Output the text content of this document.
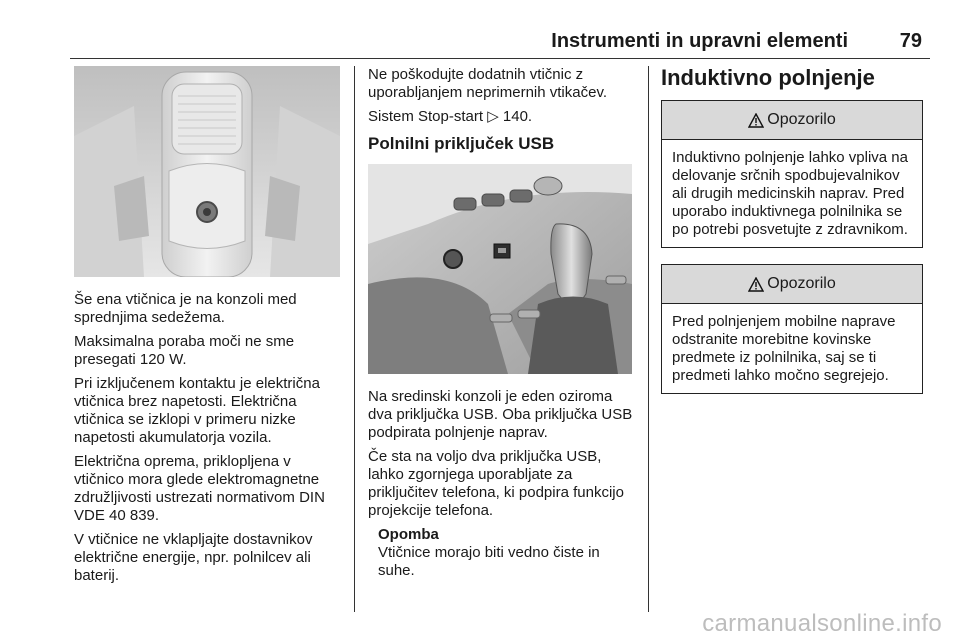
Instrumenti in upravni elementi	79

Še ena vtičnica je na konzoli med sprednjima sedežema.

Maksimalna poraba moči ne sme presegati 120 W.

Pri izključenem kontaktu je električna vtičnica brez napetosti. Električna vtičnica se izklopi v primeru nizke napetosti akumulatorja vozila.

Električna oprema, priklopljena v vtičnico mora glede elektromagnetne združljivosti ustrezati normativom DIN VDE 40 839.

V vtičnice ne vklapljajte dostavnikov električne energije, npr. polnilcev ali baterij.

Ne poškodujte dodatnih vtičnic z uporabljanjem neprimernih vtikačev.

Sistem Stop-start ▷ 140.

Polnilni priključek USB

Na sredinski konzoli je eden oziroma dva priključka USB. Oba priključka USB podpirata polnjenje naprav.

Če sta na voljo dva priključka USB, lahko zgornjega uporabljate za priključitev telefona, ki podpira funkcijo projekcije telefona.

Opomba

Vtičnice morajo biti vedno čiste in suhe.

Induktivno polnjenje
Opozorilo

Induktivno polnjenje lahko vpliva na delovanje srčnih spodbujevalnikov ali drugih medicinskih naprav. Pred uporabo induktivnega polnilnika se po potrebi posvetujte z zdravnikom.

Opozorilo

Pred polnjenjem mobilne naprave odstranite morebitne kovinske predmete iz polnilnika, saj se ti predmeti lahko močno segrejejo.

carmanualsonline.info
